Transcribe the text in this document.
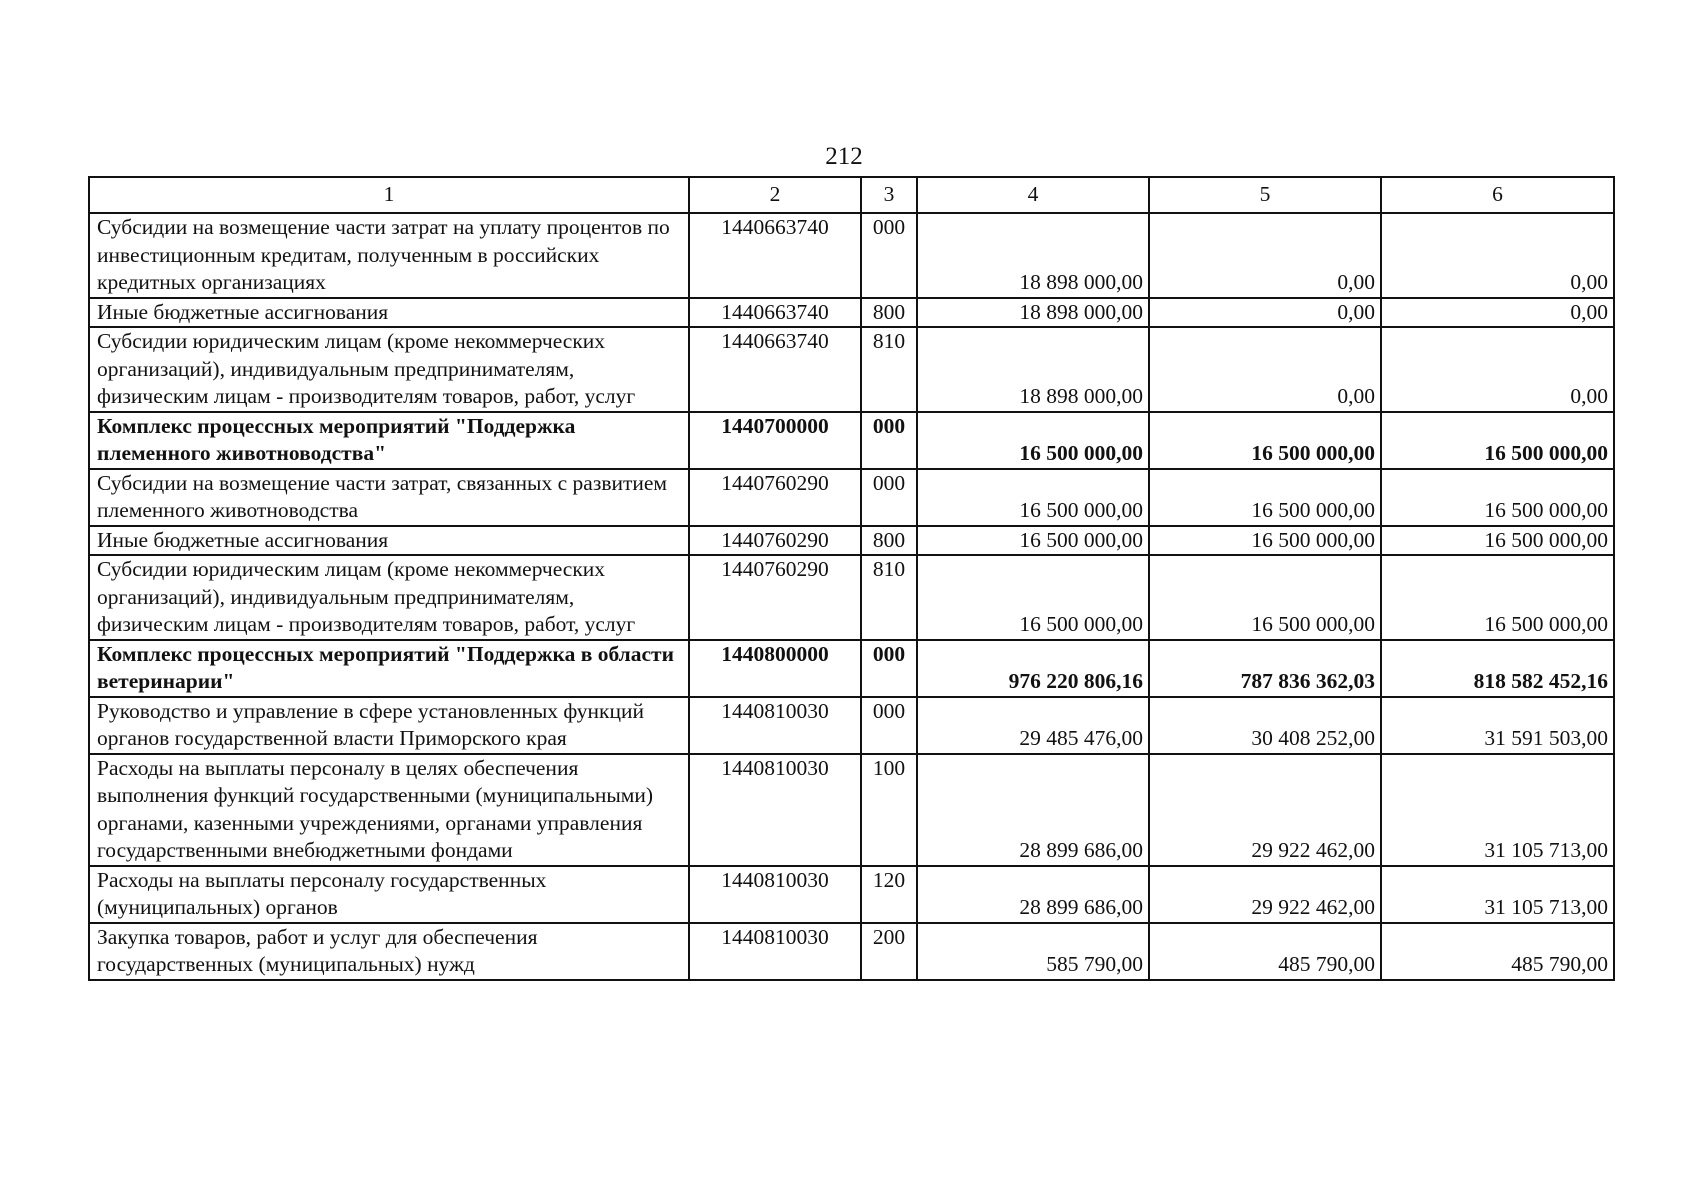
212
1	2	3	4	5	6
Субсидии на возмещение части затрат на уплату процентов по инвестиционным кредитам, полученным в российских кредитных организациях	1440663740	000	18 898 000,00	0,00	0,00
Иные бюджетные ассигнования	1440663740	800	18 898 000,00	0,00	0,00
Субсидии юридическим лицам (кроме некоммерческих организаций), индивидуальным предпринимателям, физическим лицам - производителям товаров, работ, услуг	1440663740	810	18 898 000,00	0,00	0,00
Комплекс процессных мероприятий "Поддержка племенного животноводства"	1440700000	000	16 500 000,00	16 500 000,00	16 500 000,00
Субсидии на возмещение части затрат, связанных с развитием племенного животноводства	1440760290	000	16 500 000,00	16 500 000,00	16 500 000,00
Иные бюджетные ассигнования	1440760290	800	16 500 000,00	16 500 000,00	16 500 000,00
Субсидии юридическим лицам (кроме некоммерческих организаций), индивидуальным предпринимателям, физическим лицам - производителям товаров, работ, услуг	1440760290	810	16 500 000,00	16 500 000,00	16 500 000,00
Комплекс процессных мероприятий "Поддержка в области ветеринарии"	1440800000	000	976 220 806,16	787 836 362,03	818 582 452,16
Руководство и управление в сфере установленных функций органов государственной власти Приморского края	1440810030	000	29 485 476,00	30 408 252,00	31 591 503,00
Расходы на выплаты персоналу в целях обеспечения выполнения функций государственными (муниципальными) органами, казенными учреждениями, органами управления государственными внебюджетными фондами	1440810030	100	28 899 686,00	29 922 462,00	31 105 713,00
Расходы на выплаты персоналу государственных (муниципальных) органов	1440810030	120	28 899 686,00	29 922 462,00	31 105 713,00
Закупка товаров, работ и услуг для обеспечения государственных (муниципальных) нужд	1440810030	200	585 790,00	485 790,00	485 790,00
